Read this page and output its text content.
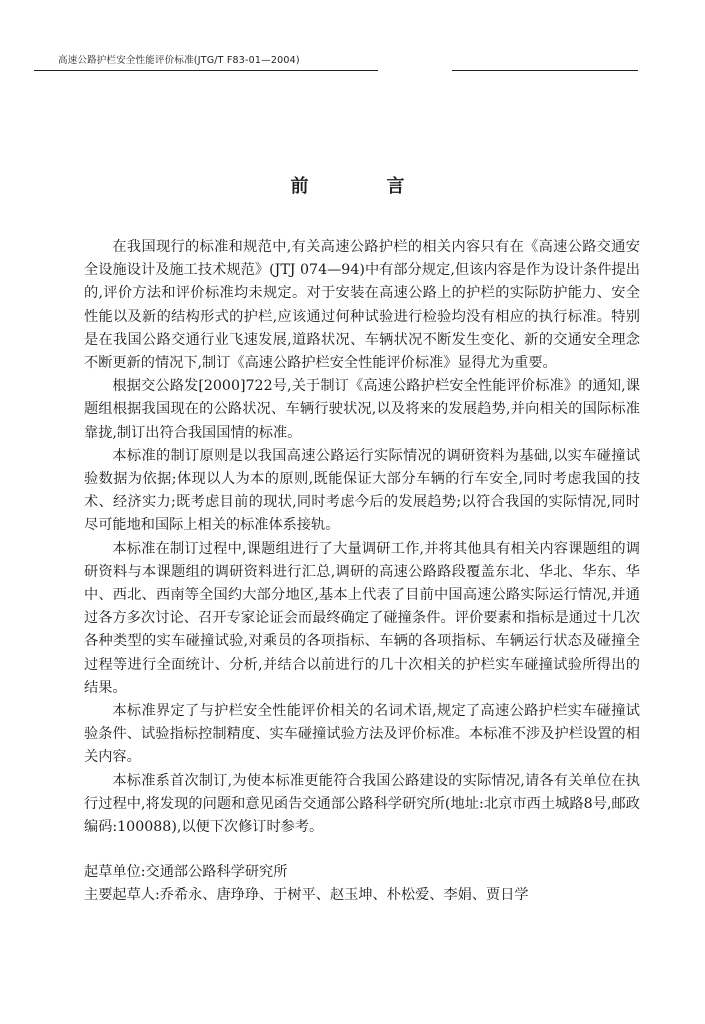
高速公路护栏安全性能评价标准(JTG/T F83-01—2004)
前　言

在我国现行的标准和规范中,有关高速公路护栏的相关内容只有在《高速公路交通安全设施设计及施工技术规范》(JTJ 074—94)中有部分规定,但该内容是作为设计条件提出的,评价方法和评价标准均未规定。对于安装在高速公路上的护栏的实际防护能力、安全性能以及新的结构形式的护栏,应该通过何种试验进行检验均没有相应的执行标准。特别是在我国公路交通行业飞速发展,道路状况、车辆状况不断发生变化、新的交通安全理念不断更新的情况下,制订《高速公路护栏安全性能评价标准》显得尤为重要。

根据交公路发[2000]722号,关于制订《高速公路护栏安全性能评价标准》的通知,课题组根据我国现在的公路状况、车辆行驶状况,以及将来的发展趋势,并向相关的国际标准靠拢,制订出符合我国国情的标准。

本标准的制订原则是以我国高速公路运行实际情况的调研资料为基础,以实车碰撞试验数据为依据;体现以人为本的原则,既能保证大部分车辆的行车安全,同时考虑我国的技术、经济实力;既考虑目前的现状,同时考虑今后的发展趋势;以符合我国的实际情况,同时尽可能地和国际上相关的标准体系接轨。

本标准在制订过程中,课题组进行了大量调研工作,并将其他具有相关内容课题组的调研资料与本课题组的调研资料进行汇总,调研的高速公路路段覆盖东北、华北、华东、华中、西北、西南等全国约大部分地区,基本上代表了目前中国高速公路实际运行情况,并通过各方多次讨论、召开专家论证会而最终确定了碰撞条件。评价要素和指标是通过十几次各种类型的实车碰撞试验,对乘员的各项指标、车辆的各项指标、车辆运行状态及碰撞全过程等进行全面统计、分析,并结合以前进行的几十次相关的护栏实车碰撞试验所得出的结果。

本标准界定了与护栏安全性能评价相关的名词术语,规定了高速公路护栏实车碰撞试验条件、试验指标控制精度、实车碰撞试验方法及评价标准。本标准不涉及护栏设置的相关内容。

本标准系首次制订,为使本标准更能符合我国公路建设的实际情况,请各有关单位在执行过程中,将发现的问题和意见函告交通部公路科学研究所(地址:北京市西土城路8号,邮政编码:100088),以便下次修订时参考。

起草单位:交通部公路科学研究所
主要起草人:乔希永、唐琤琤、于树平、赵玉坤、朴松爱、李娟、贾日学
